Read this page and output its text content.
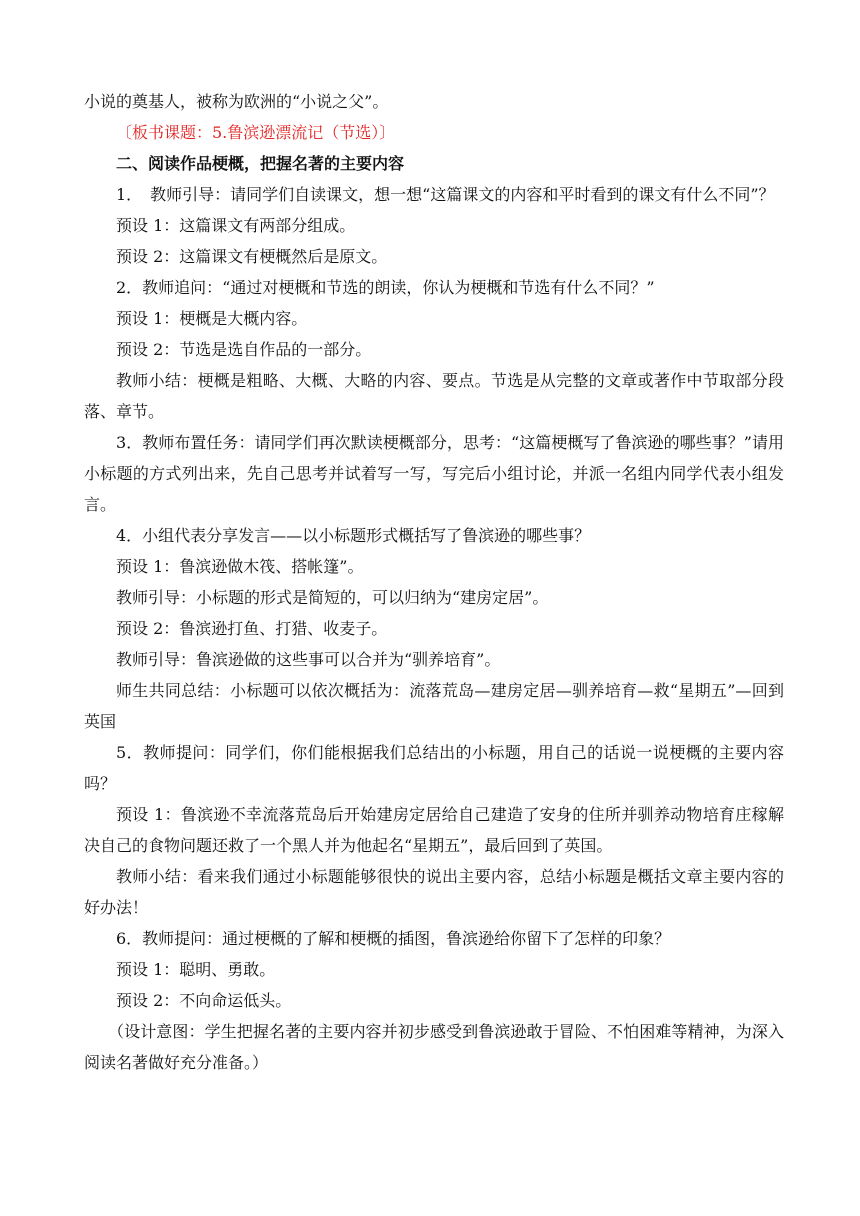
小说的奠基人，被称为欧洲的“小说之父”。

〔板书课题：5.鲁滨逊漂流记（节选）〕

二、阅读作品梗概，把握名著的主要内容

1．　教师引导：请同学们自读课文，想一想“这篇课文的内容和平时看到的课文有什么不同”？

预设 1：这篇课文有两部分组成。

预设 2：这篇课文有梗概然后是原文。

2．教师追问：“通过对梗概和节选的朗读，你认为梗概和节选有什么不同？”

预设 1：梗概是大概内容。

预设 2：节选是选自作品的一部分。

教师小结：梗概是粗略、大概、大略的内容、要点。节选是从完整的文章或著作中节取部分段落、章节。

3．教师布置任务：请同学们再次默读梗概部分，思考：“这篇梗概写了鲁滨逊的哪些事？”请用小标题的方式列出来，先自己思考并试着写一写，写完后小组讨论，并派一名组内同学代表小组发言。

4．小组代表分享发言——以小标题形式概括写了鲁滨逊的哪些事？

预设 1：鲁滨逊做木筏、搭帐篷”。

教师引导：小标题的形式是简短的，可以归纳为“建房定居”。

预设 2：鲁滨逊打鱼、打猎、收麦子。

教师引导：鲁滨逊做的这些事可以合并为“驯养培育”。

师生共同总结：小标题可以依次概括为：流落荒岛—建房定居—驯养培育—救“星期五”—回到英国

5．教师提问：同学们，你们能根据我们总结出的小标题，用自己的话说一说梗概的主要内容吗？

预设 1：鲁滨逊不幸流落荒岛后开始建房定居给自己建造了安身的住所并驯养动物培育庄稼解决自己的食物问题还救了一个黑人并为他起名“星期五”，最后回到了英国。

教师小结：看来我们通过小标题能够很快的说出主要内容，总结小标题是概括文章主要内容的好办法！

6．教师提问：通过梗概的了解和梗概的插图，鲁滨逊给你留下了怎样的印象？

预设 1：聪明、勇敢。

预设 2：不向命运低头。

（设计意图：学生把握名著的主要内容并初步感受到鲁滨逊敢于冒险、不怕困难等精神，为深入阅读名著做好充分准备。）
